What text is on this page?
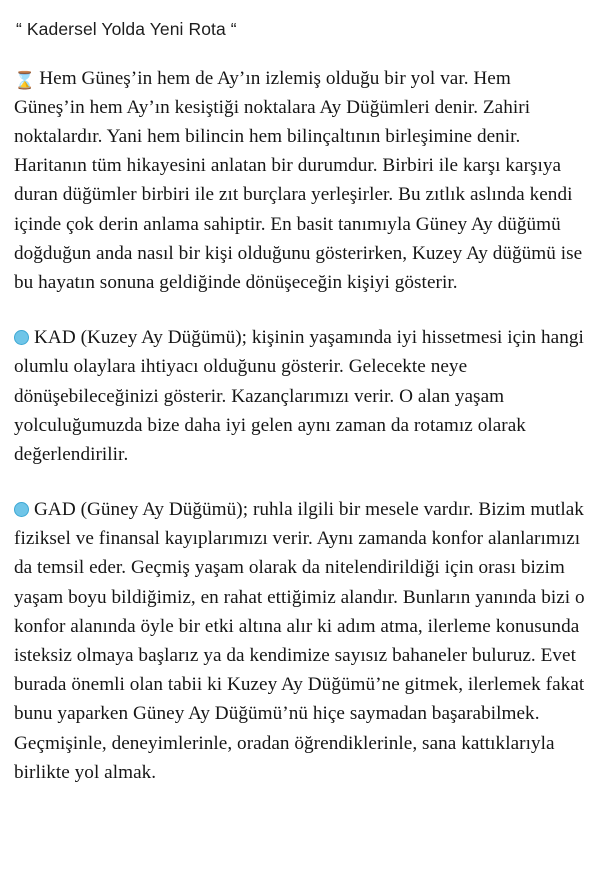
“ Kadersel Yolda Yeni Rota “

⌛ Hem Güneş’in hem de Ay’ın izlemiş olduğu bir yol var. Hem Güneş’in hem Ay’ın kesiştiği noktalara Ay Düğümleri denir. Zahiri noktalardır. Yani hem bilincin hem bilinçaltının birleşimine denir. Haritanın tüm hikayesini anlatan bir durumdur. Birbiri ile karşı karşıya duran düğümler birbiri ile zıt burçlara yerleşirler. Bu zıtlık aslında kendi içinde çok derin anlama sahiptir. En basit tanımıyla Güney Ay düğümü doğduğun anda nasıl bir kişi olduğunu gösterirken, Kuzey Ay düğümü ise bu hayatın sonuna geldiğinde dönüşeceğin kişiyi gösterir.

KAD (Kuzey Ay Düğümü); kişinin yaşamında iyi hissetmesi için hangi olumlu olaylara ihtiyacı olduğunu gösterir. Gelecekte neye dönüşebileceğinizi gösterir. Kazançlarımızı verir. O alan yaşam yolculuğumuzda bize daha iyi gelen aynı zaman da rotamız olarak değerlendirilir.

GAD (Güney Ay Düğümü); ruhla ilgili bir mesele vardır. Bizim mutlak fiziksel ve finansal kayıplarımızı verir. Aynı zamanda konfor alanlarımızı da temsil eder. Geçmiş yaşam olarak da nitelendirildiği için orası bizim yaşam boyu bildiğimiz, en rahat ettiğimiz alandır. Bunların yanında bizi o konfor alanında öyle bir etki altına alır ki adım atma, ilerleme konusunda isteksiz olmaya başlarız ya da kendimize sayısız bahaneler buluruz. Evet burada önemli olan tabii ki Kuzey Ay Düğümü’ne gitmek, ilerlemek fakat bunu yaparken Güney Ay Düğümü’nü hiçe saymadan başarabilmek. Geçmişinle, deneyimlerinle, oradan öğrendiklerinle, sana kattıklarıyla birlikte yol almak.
